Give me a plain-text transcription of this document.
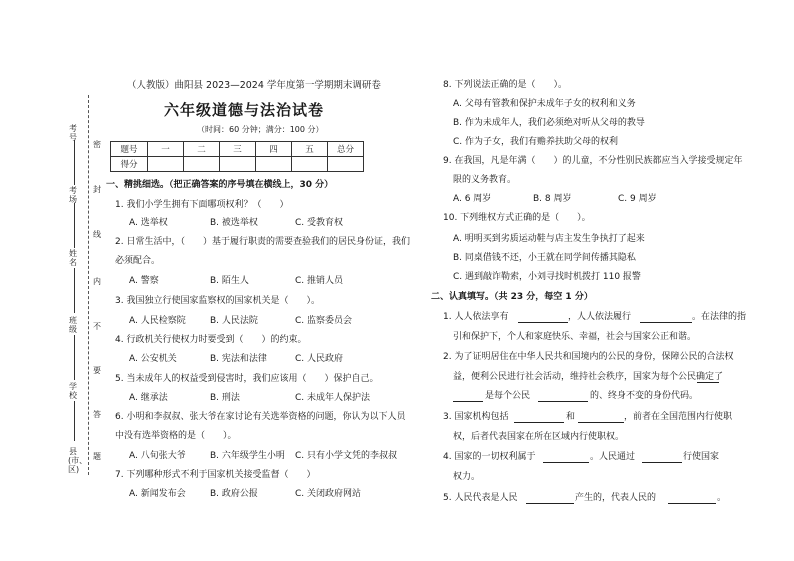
考号
考场
姓名
班级
学校
县(市、区)
密
封
线
内
不
要
答
题
（人教版）曲阳县 2023—2024 学年度第一学期期末调研卷
六年级道德与法治试卷
（时间：60 分钟；满分：100 分）
题号	一	二	三	四	五	总分
得分						
一、精挑细选。（把正确答案的序号填在横线上，30 分）
1. 我们小学生拥有下面哪项权利？（　　）
A. 选举权	B. 被选举权	C. 受教育权
2. 日常生活中，（　　）基于履行职责的需要查验我们的居民身份证，我们
必须配合。
A. 警察	B. 陌生人	C. 推销人员
3. 我国独立行使国家监察权的国家机关是（　　）。
A. 人民检察院	B. 人民法院	C. 监察委员会
4. 行政机关行使权力时要受到（　　）的约束。
A. 公安机关	B. 宪法和法律	C. 人民政府
5. 当未成年人的权益受到侵害时，我们应该用（　　）保护自己。
A. 继承法	B. 刑法	C. 未成年人保护法
6. 小明和李叔叔、张大爷在家讨论有关选举资格的问题，你认为以下人员
中没有选举资格的是（　　）。
A. 八旬张大爷	B. 六年级学生小明 C. 只有小学文凭的李叔叔
7. 下列哪种形式不利于国家机关接受监督（　　）
A. 新闻发布会	B. 政府公报	C. 关闭政府网站
8. 下列说法正确的是（　　）。
A. 父母有管教和保护未成年子女的权利和义务
B. 作为未成年人，我们必须绝对听从父母的教导
C. 作为子女，我们有赡养扶助父母的权利
9. 在我国，凡是年满（　　）的儿童，不分性别民族都应当入学接受规定年
限的义务教育。
A. 6 周岁	B. 8 周岁	C. 9 周岁
10. 下列维权方式正确的是（　　）。
A. 明明买到劣质运动鞋与店主发生争执打了起来
B. 同桌借钱不还，小王就在同学间传播其隐私
C. 遇到敲诈勒索，小刘寻找时机拨打 110 报警
二、认真填写。（共 23 分，每空 1 分）
1. 人人依法享有	，人人依法履行	。在法律的指
引和保护下，个人和家庭快乐、幸福，社会与国家公正和谐。
2. 为了证明居住在中华人民共和国境内的公民的身份，保障公民的合法权
益，便利公民进行社会活动，维持社会秩序，国家为每个公民确定了
是每个公民	的、终身不变的身份代码。
3. 国家机构包括	和	，前者在全国范围内行使职
权，后者代表国家在所在区域内行使职权。
4. 国家的一切权利属于	。人民通过	行使国家
权力。
5. 人民代表是人民	产生的，代表人民的	。
